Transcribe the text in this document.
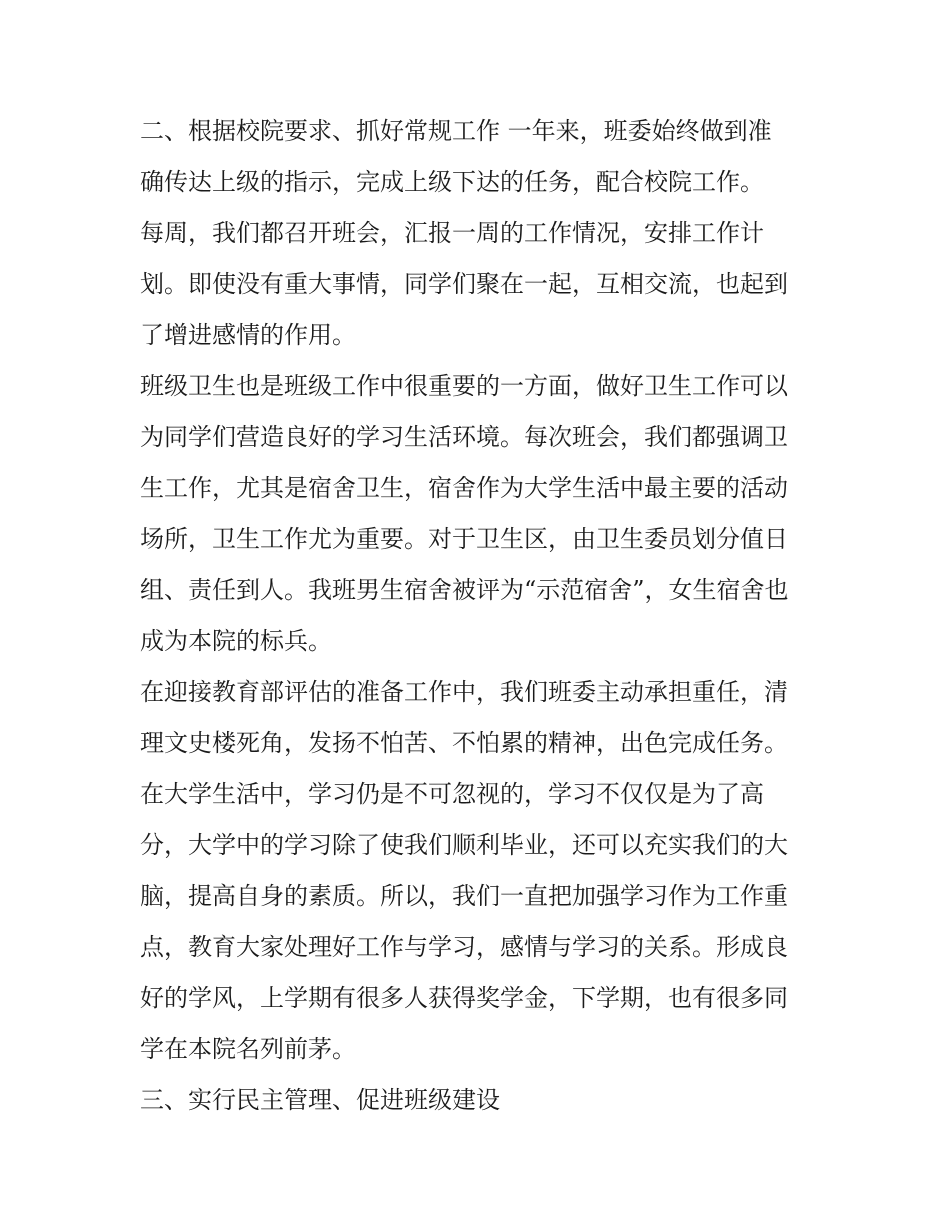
二、根据校院要求、抓好常规工作 一年来，班委始终做到准
确传达上级的指示，完成上级下达的任务，配合校院工作。

每周，我们都召开班会，汇报一周的工作情况，安排工作计
划。即使没有重大事情，同学们聚在一起，互相交流，也起到
了增进感情的作用。

班级卫生也是班级工作中很重要的一方面，做好卫生工作可以
为同学们营造良好的学习生活环境。每次班会，我们都强调卫
生工作，尤其是宿舍卫生，宿舍作为大学生活中最主要的活动
场所，卫生工作尤为重要。对于卫生区，由卫生委员划分值日
组、责任到人。我班男生宿舍被评为“示范宿舍”，女生宿舍也
成为本院的标兵。

在迎接教育部评估的准备工作中，我们班委主动承担重任，清
理文史楼死角，发扬不怕苦、不怕累的精神，出色完成任务。

在大学生活中，学习仍是不可忽视的，学习不仅仅是为了高
分，大学中的学习除了使我们顺利毕业，还可以充实我们的大
脑，提高自身的素质。所以，我们一直把加强学习作为工作重
点，教育大家处理好工作与学习，感情与学习的关系。形成良
好的学风，上学期有很多人获得奖学金，下学期，也有很多同
学在本院名列前茅。

三、实行民主管理、促进班级建设
